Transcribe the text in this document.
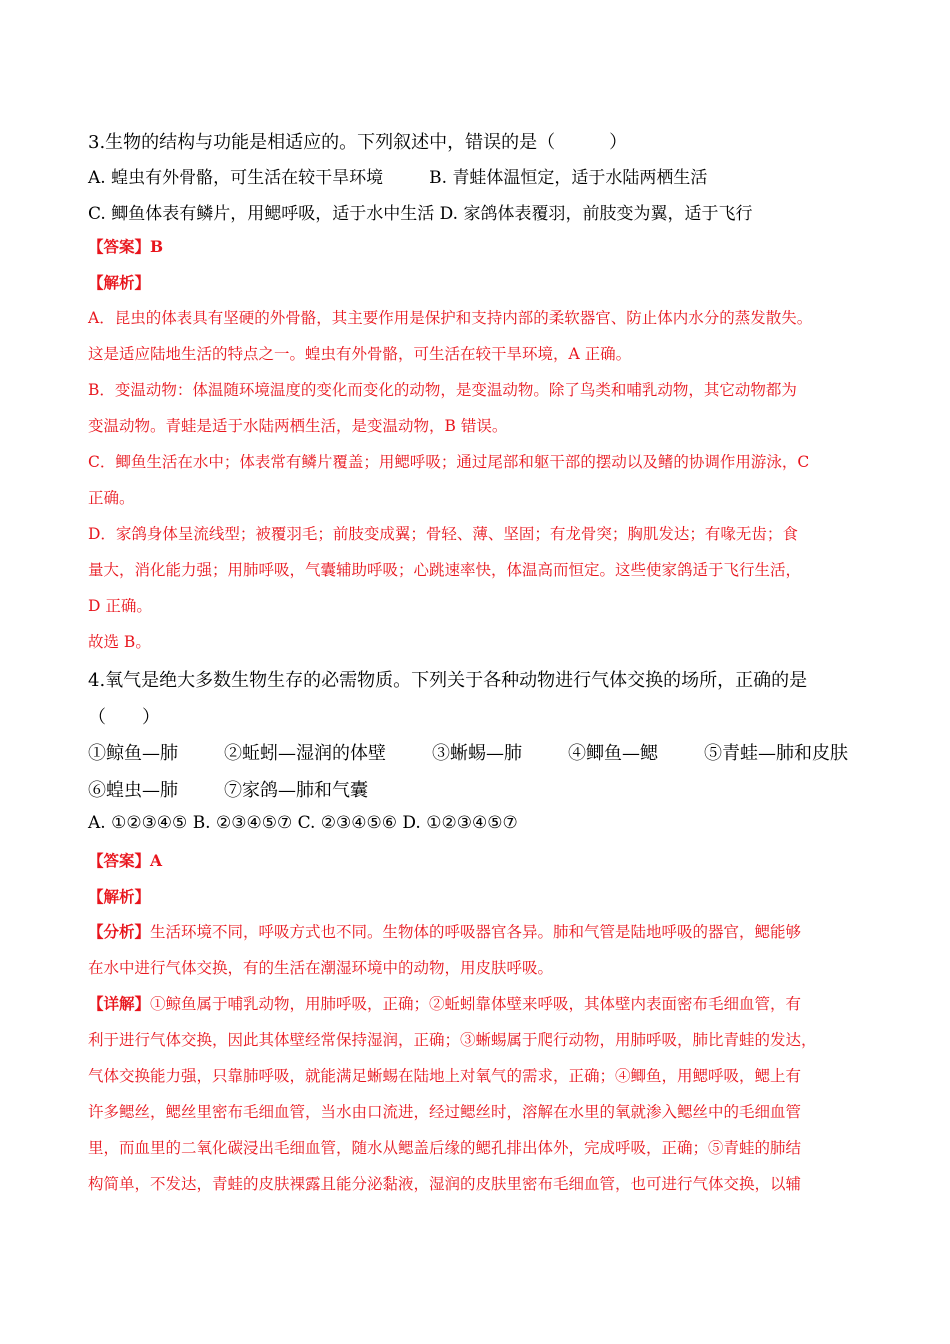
3.生物的结构与功能是相适应的。下列叙述中，错误的是（　　　）
A. 蝗虫有外骨骼，可生活在较干旱环境	B. 青蛙体温恒定，适于水陆两栖生活
C. 鲫鱼体表有鳞片，用鳃呼吸，适于水中生活 D. 家鸽体表覆羽，前肢变为翼，适于飞行
【答案】B
【解析】
A．昆虫的体表具有坚硬的外骨骼，其主要作用是保护和支持内部的柔软器官、防止体内水分的蒸发散失。
这是适应陆地生活的特点之一。蝗虫有外骨骼，可生活在较干旱环境，A 正确。
B．变温动物：体温随环境温度的变化而变化的动物，是变温动物。除了鸟类和哺乳动物，其它动物都为
变温动物。青蛙是适于水陆两栖生活，是变温动物，B 错误。
C．鲫鱼生活在水中；体表常有鳞片覆盖；用鳃呼吸；通过尾部和躯干部的摆动以及鳍的协调作用游泳，C
正确。
D．家鸽身体呈流线型；被覆羽毛；前肢变成翼；骨轻、薄、坚固；有龙骨突；胸肌发达；有喙无齿；食
量大，消化能力强；用肺呼吸，气囊辅助呼吸；心跳速率快，体温高而恒定。这些使家鸽适于飞行生活，
D 正确。
故选 B。
4.氧气是绝大多数生物生存的必需物质。下列关于各种动物进行气体交换的场所，正确的是
（　　）
①鲸鱼—肺	②蚯蚓—湿润的体壁	③蜥蜴—肺	④鲫鱼—鳃	⑤青蛙—肺和皮肤
⑥蝗虫—肺	⑦家鸽—肺和气囊
A. ①②③④⑤ B. ②③④⑤⑦ C. ②③④⑤⑥ D. ①②③④⑤⑦
【答案】A
【解析】
【分析】生活环境不同，呼吸方式也不同。生物体的呼吸器官各异。肺和气管是陆地呼吸的器官，鳃能够
在水中进行气体交换，有的生活在潮湿环境中的动物，用皮肤呼吸。
【详解】①鲸鱼属于哺乳动物，用肺呼吸，正确；②蚯蚓靠体壁来呼吸，其体壁内表面密布毛细血管，有
利于进行气体交换，因此其体壁经常保持湿润，正确；③蜥蜴属于爬行动物，用肺呼吸，肺比青蛙的发达，
气体交换能力强，只靠肺呼吸，就能满足蜥蜴在陆地上对氧气的需求，正确；④鲫鱼，用鳃呼吸，鳃上有
许多鳃丝，鳃丝里密布毛细血管，当水由口流进，经过鳃丝时，溶解在水里的氧就渗入鳃丝中的毛细血管
里，而血里的二氧化碳浸出毛细血管，随水从鳃盖后缘的鳃孔排出体外，完成呼吸，正确；⑤青蛙的肺结
构简单，不发达，青蛙的皮肤裸露且能分泌黏液，湿润的皮肤里密布毛细血管，也可进行气体交换，以辅
